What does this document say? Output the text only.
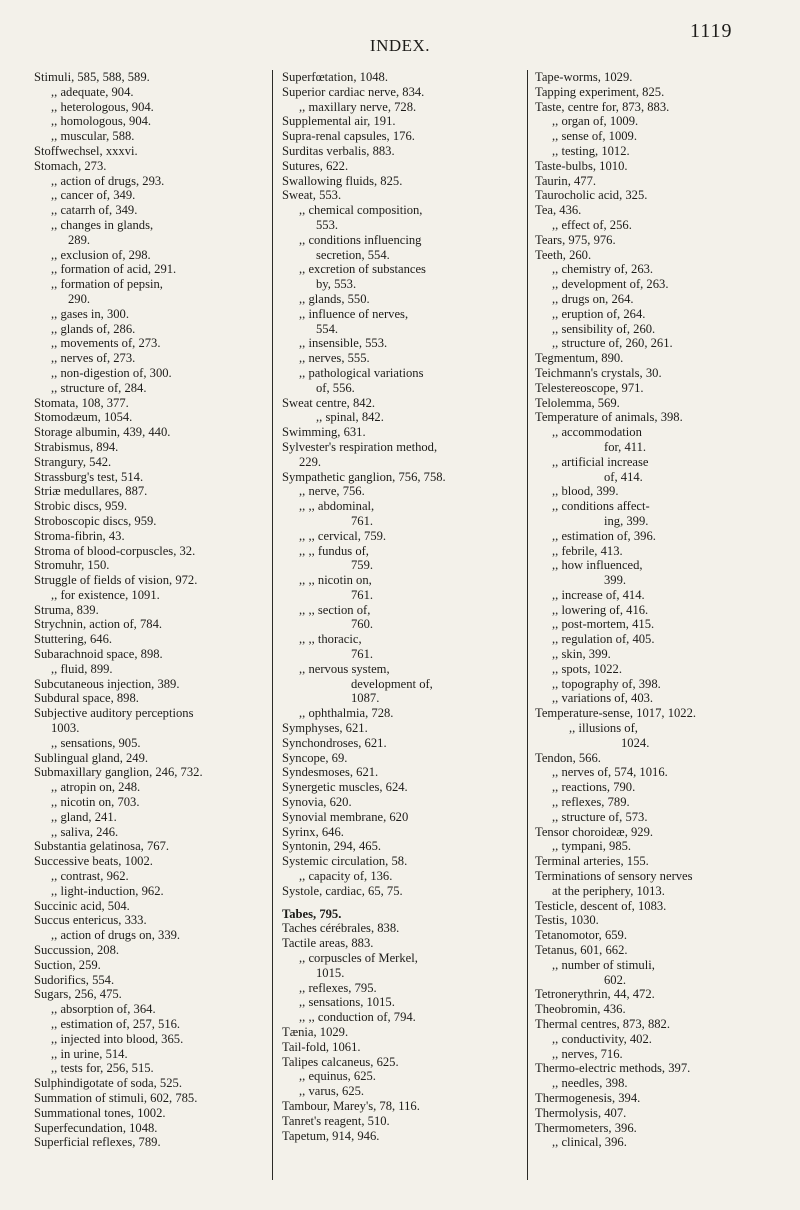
INDEX.
1119
Stimuli, 585, 588, 589.
,, adequate, 904.
,, heterologous, 904.
,, homologous, 904.
,, muscular, 588.
Stoffwechsel, xxxvi.
Stomach, 273.
,, action of drugs, 293.
,, cancer of, 349.
,, catarrh of, 349.
,, changes in glands,
289.
,, exclusion of, 298.
,, formation of acid, 291.
,, formation of pepsin,
290.
,, gases in, 300.
,, glands of, 286.
,, movements of, 273.
,, nerves of, 273.
,, non-digestion of, 300.
,, structure of, 284.
Stomata, 108, 377.
Stomodæum, 1054.
Storage albumin, 439, 440.
Strabismus, 894.
Strangury, 542.
Strassburg's test, 514.
Striæ medullares, 887.
Strobic discs, 959.
Stroboscopic discs, 959.
Stroma-fibrin, 43.
Stroma of blood-corpuscles, 32.
Stromuhr, 150.
Struggle of fields of vision, 972.
,, for existence, 1091.
Struma, 839.
Strychnin, action of, 784.
Stuttering, 646.
Subarachnoid space, 898.
,, fluid, 899.
Subcutaneous injection, 389.
Subdural space, 898.
Subjective auditory perceptions
1003.
,, sensations, 905.
Sublingual gland, 249.
Submaxillary ganglion, 246, 732.
,, atropin on, 248.
,, nicotin on, 703.
,, gland, 241.
,, saliva, 246.
Substantia gelatinosa, 767.
Successive beats, 1002.
,, contrast, 962.
,, light-induction, 962.
Succinic acid, 504.
Succus entericus, 333.
,, action of drugs on, 339.
Succussion, 208.
Suction, 259.
Sudorifics, 554.
Sugars, 256, 475.
,, absorption of, 364.
,, estimation of, 257, 516.
,, injected into blood, 365.
,, in urine, 514.
,, tests for, 256, 515.
Sulphindigotate of soda, 525.
Summation of stimuli, 602, 785.
Summational tones, 1002.
Superfecundation, 1048.
Superficial reflexes, 789.
Superfœtation, 1048.
Superior cardiac nerve, 834.
,, maxillary nerve, 728.
Supplemental air, 191.
Supra-renal capsules, 176.
Surditas verbalis, 883.
Sutures, 622.
Swallowing fluids, 825.
Sweat, 553.
,, chemical composition,
553.
,, conditions influencing
secretion, 554.
,, excretion of substances
by, 553.
,, glands, 550.
,, influence of nerves,
554.
,, insensible, 553.
,, nerves, 555.
,, pathological variations
of, 556.
Sweat centre, 842.
,, spinal, 842.
Swimming, 631.
Sylvester's respiration method,
229.
Sympathetic ganglion, 756, 758.
,, nerve, 756.
,, ,, abdominal,
761.
,, ,, cervical, 759.
,, ,, fundus of,
759.
,, ,, nicotin on,
761.
,, ,, section of,
760.
,, ,, thoracic,
761.
,, nervous system,
development of,
1087.
,, ophthalmia, 728.
Symphyses, 621.
Synchondroses, 621.
Syncope, 69.
Syndesmoses, 621.
Synergetic muscles, 624.
Synovia, 620.
Synovial membrane, 620
Syrinx, 646.
Syntonin, 294, 465.
Systemic circulation, 58.
,, capacity of, 136.
Systole, cardiac, 65, 75.
Tabes, 795.
Taches cérébrales, 838.
Tactile areas, 883.
,, corpuscles of Merkel,
1015.
,, reflexes, 795.
,, sensations, 1015.
,, ,, conduction of, 794.
Tænia, 1029.
Tail-fold, 1061.
Talipes calcaneus, 625.
,, equinus, 625.
,, varus, 625.
Tambour, Marey's, 78, 116.
Tanret's reagent, 510.
Tapetum, 914, 946.
Tape-worms, 1029.
Tapping experiment, 825.
Taste, centre for, 873, 883.
,, organ of, 1009.
,, sense of, 1009.
,, testing, 1012.
Taste-bulbs, 1010.
Taurin, 477.
Taurocholic acid, 325.
Tea, 436.
,, effect of, 256.
Tears, 975, 976.
Teeth, 260.
,, chemistry of, 263.
,, development of, 263.
,, drugs on, 264.
,, eruption of, 264.
,, sensibility of, 260.
,, structure of, 260, 261.
Tegmentum, 890.
Teichmann's crystals, 30.
Telestereoscope, 971.
Telolemma, 569.
Temperature of animals, 398.
,, accommodation
for, 411.
,, artificial increase
of, 414.
,, blood, 399.
,, conditions affect-
ing, 399.
,, estimation of, 396.
,, febrile, 413.
,, how influenced,
399.
,, increase of, 414.
,, lowering of, 416.
,, post-mortem, 415.
,, regulation of, 405.
,, skin, 399.
,, spots, 1022.
,, topography of, 398.
,, variations of, 403.
Temperature-sense, 1017, 1022.
,, illusions of,
1024.
Tendon, 566.
,, nerves of, 574, 1016.
,, reactions, 790.
,, reflexes, 789.
,, structure of, 573.
Tensor choroideæ, 929.
,, tympani, 985.
Terminal arteries, 155.
Terminations of sensory nerves
at the periphery, 1013.
Testicle, descent of, 1083.
Testis, 1030.
Tetanomotor, 659.
Tetanus, 601, 662.
,, number of stimuli,
602.
Tetronerythrin, 44, 472.
Theobromin, 436.
Thermal centres, 873, 882.
,, conductivity, 402.
,, nerves, 716.
Thermo-electric methods, 397.
,, needles, 398.
Thermogenesis, 394.
Thermolysis, 407.
Thermometers, 396.
,, clinical, 396.
